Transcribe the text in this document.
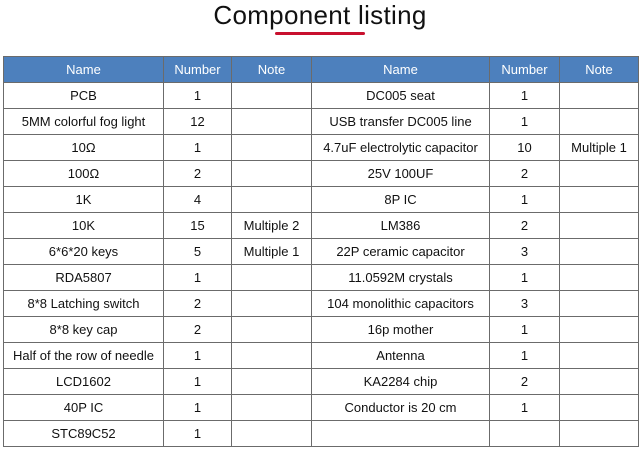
Component listing
Name	Number	Note	Name	Number	Note
PCB	1		DC005 seat	1	
5MM colorful fog light	12		USB transfer DC005 line	1	
10Ω	1		4.7uF electrolytic capacitor	10	Multiple 1
100Ω	2		25V 100UF	2	
1K	4		8P IC	1	
10K	15	Multiple 2	LM386	2	
6*6*20 keys	5	Multiple 1	22P ceramic capacitor	3	
RDA5807	1		11.0592M crystals	1	
8*8 Latching switch	2		104 monolithic capacitors	3	
8*8 key cap	2		16p mother	1	
Half of the row of needle	1		Antenna	1	
LCD1602	1		KA2284 chip	2	
40P IC	1		Conductor is 20 cm	1	
STC89C52	1				
